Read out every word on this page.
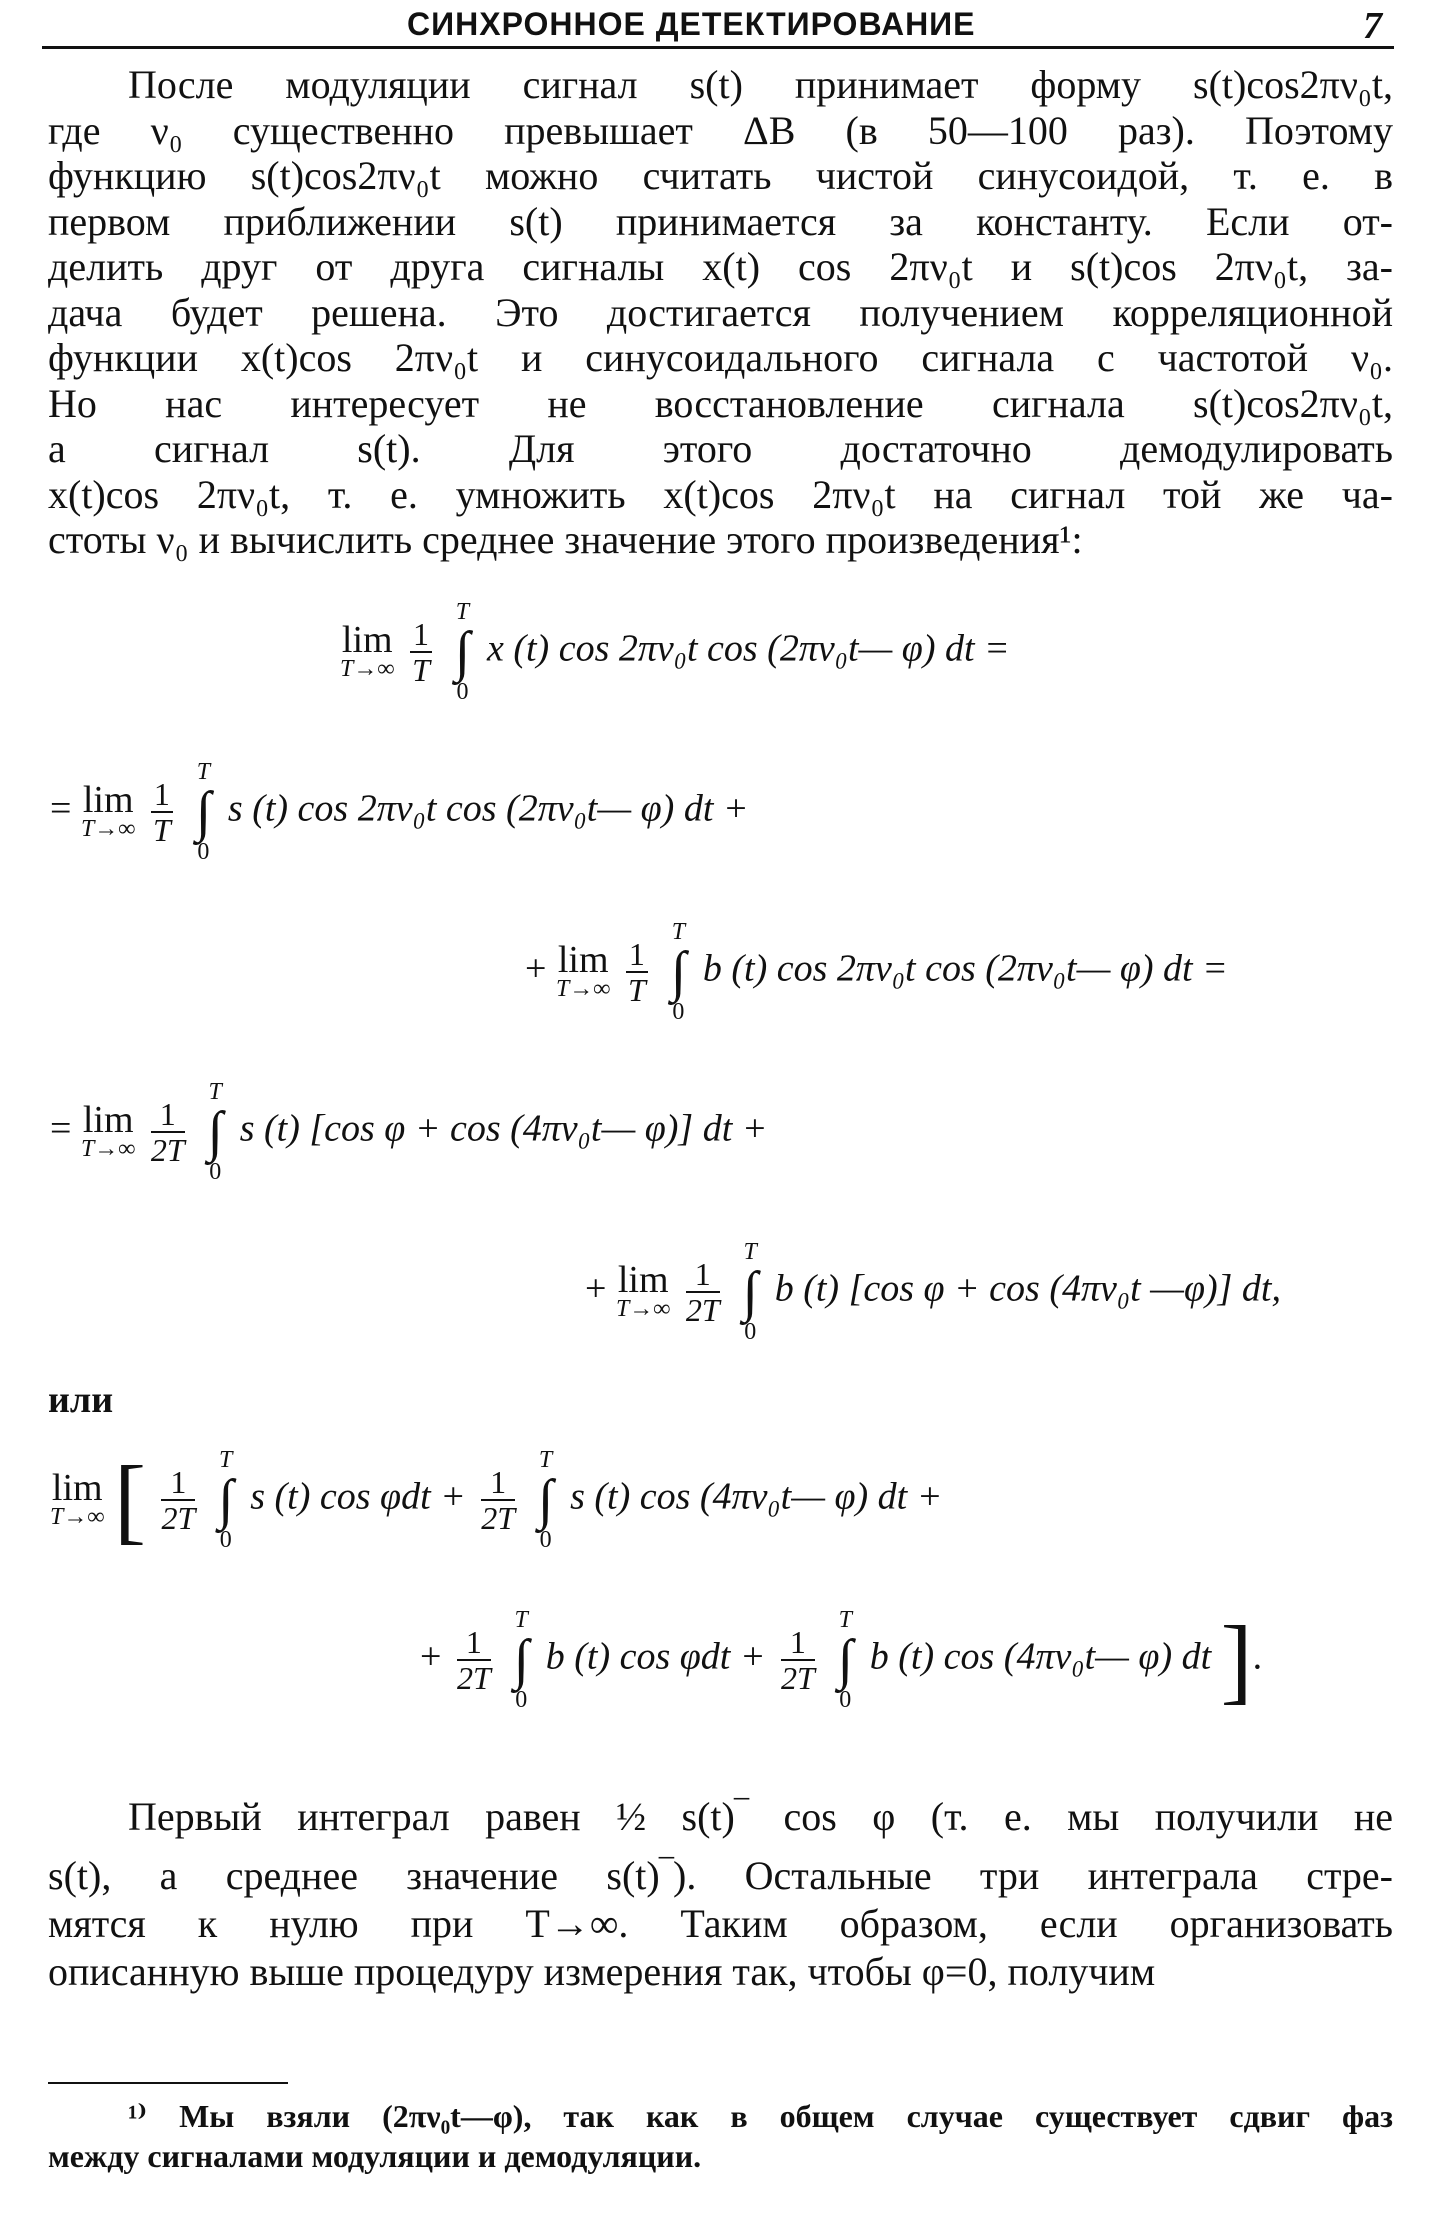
СИНХРОННОЕ ДЕТЕКТИРОВАНИЕ	7
После модуляции сигнал s(t) принимает форму s(t)cos2πν₀t,
где ν₀ существенно превышает ΔB (в 50—100 раз). Поэтому
функцию s(t)cos2πν₀t можно считать чистой синусоидой, т. е. в
первом приближении s(t) принимается за константу. Если от-
делить друг от друга сигналы x(t) cos 2πν₀t и s(t)cos 2πν₀t, за-
дача будет решена. Это достигается получением корреляционной
функции x(t)cos 2πν₀t и синусоидального сигнала с частотой ν₀.
Но нас интересует не восстановление сигнала s(t)cos2πν₀t,
а сигнал s(t). Для этого достаточно демодулировать
x(t)cos 2πν₀t, т. е. умножить x(t)cos 2πν₀t на сигнал той же ча-
стоты ν₀ и вычислить среднее значение этого произведения¹:
lim
T→∞
$\frac{1}{T}$

T
∫
0
x (t) cos 2πν₀t cos (2πν₀t— φ) dt =
= lim
T→∞
$\frac{1}{T}$

T
∫
0
s (t) cos 2πν₀t cos (2πν₀t— φ) dt +
+ lim
T→∞
$\frac{1}{T}$

T
∫
0
b (t) cos 2πν₀t cos (2πν₀t— φ) dt =
= lim
T→∞
$\frac{1}{2T}$

T
∫
0
s (t) [cos φ + cos (4πν₀t— φ)] dt +
+ lim
T→∞
$\frac{1}{2T}$

T
∫
0
b (t) [cos φ + cos (4πν₀t —φ)] dt,
или
lim
T→∞ [ $\frac{1}{2T}$

T
∫
0
s (t) $\cos \varphi dt + \frac{1}{2T}$

T
∫
0
s (t) cos (4πν₀t— φ) dt +
+ $\frac{1}{2T}$

T
∫
0
b (t) $\cos \varphi dt + \frac{1}{2T}$

T
∫
0
b (t) cos (4πν₀t— φ) dt ].
Первый интеграл равен ½ s(t)‾ cos φ (т. е. мы получили не
s(t), а среднее значение s(t)‾). Остальные три интеграла стре-
мятся к нулю при T→∞. Таким образом, если организовать
описанную выше процедуру измерения так, чтобы φ=0, получим
¹⁾ Мы взяли (2πν₀t—φ), так как в общем случае существует сдвиг фаз
между сигналами модуляции и демодуляции.
